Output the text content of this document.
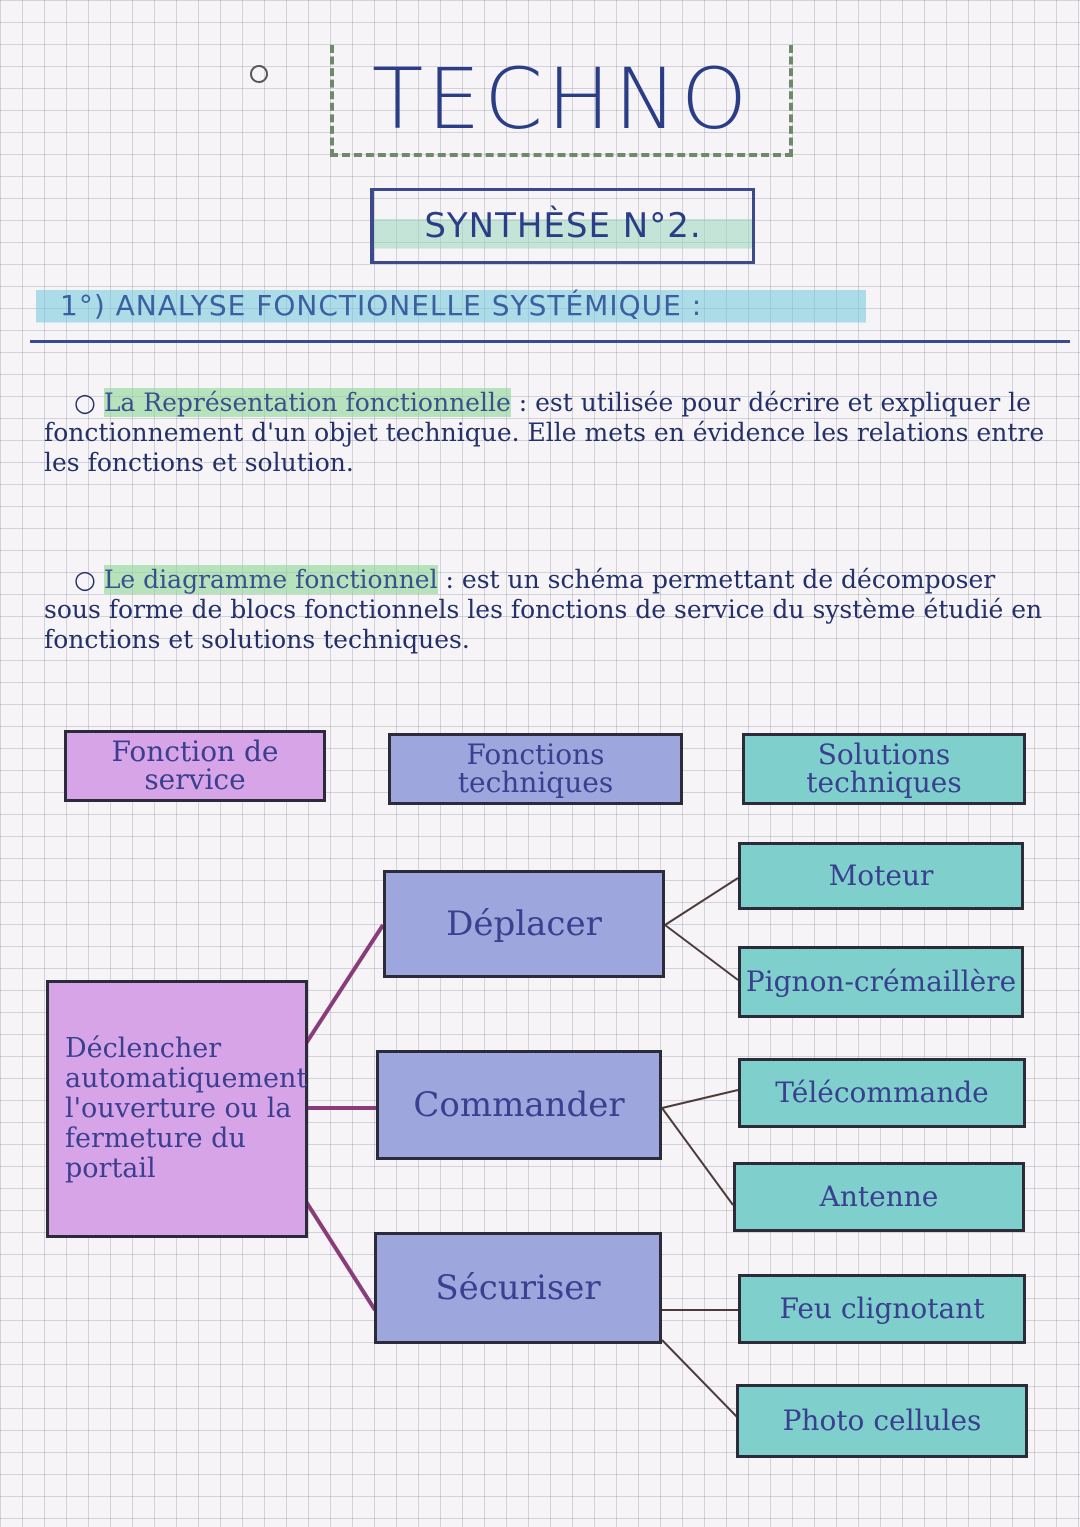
TECHNO
SYNTHÈSE N°2.
1°) ANALYSE FONCTIONELLE SYSTÉMIQUE :
○ La Représentation fonctionnelle : est utilisée pour décrire et expliquer le fonctionnement d'un objet technique. Elle mets en évidence les relations entre les fonctions et solution.
○ Le diagramme fonctionnel : est un schéma permettant de décomposer sous forme de blocs fonctionnels les fonctions de service du système étudié en fonctions et solutions techniques.
Fonction de service
Fonctions techniques
Solutions techniques
Déclencher automatiquement l'ouverture ou la fermeture du portail
Déplacer
Commander
Sécuriser
Moteur
Pignon-crémaillère
Télécommande
Antenne
Feu clignotant
Photo cellules
